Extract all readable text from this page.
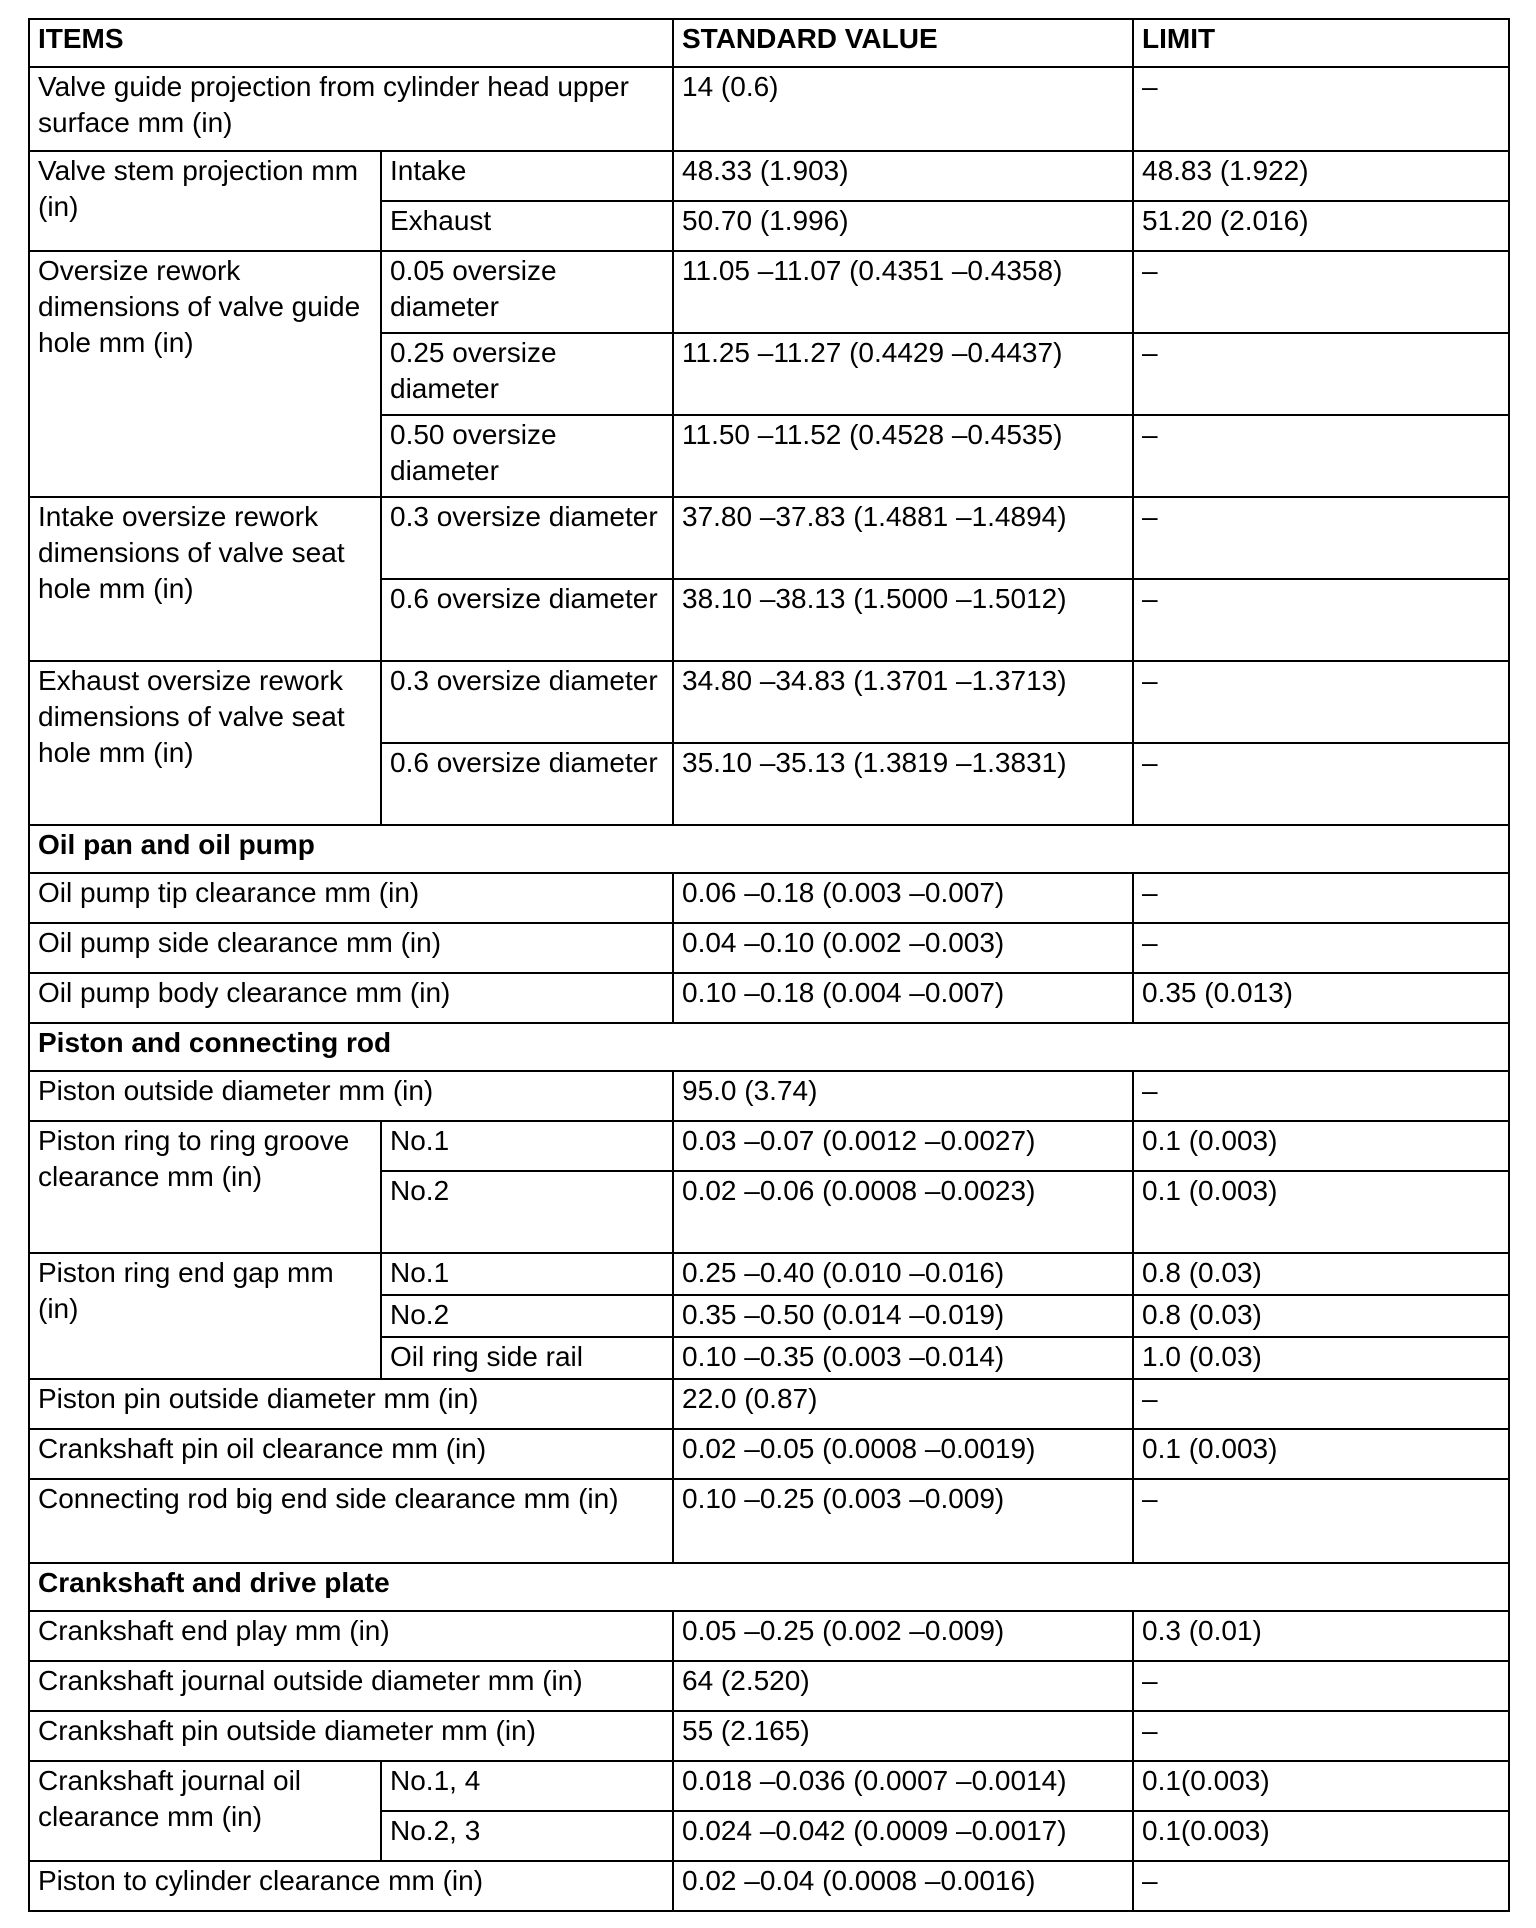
ITEMS		STANDARD VALUE	LIMIT
Valve guide projection from cylinder head upper surface mm (in)		14 (0.6)	–
Valve stem projection mm (in)	Intake	48.33 (1.903)	48.83 (1.922)
	Exhaust	50.70 (1.996)	51.20 (2.016)
Oversize rework dimensions of valve guide hole mm (in)	0.05 oversize diameter	11.05 –11.07 (0.4351 –0.4358)	–
	0.25 oversize diameter	11.25 –11.27 (0.4429 –0.4437)	–
	0.50 oversize diameter	11.50 –11.52 (0.4528 –0.4535)	–
Intake oversize rework dimensions of valve seat hole mm (in)	0.3 oversize diameter	37.80 –37.83 (1.4881 –1.4894)	–
	0.6 oversize diameter	38.10 –38.13 (1.5000 –1.5012)	–
Exhaust oversize rework dimensions of valve seat hole mm (in)	0.3 oversize diameter	34.80 –34.83 (1.3701 –1.3713)	–
	0.6 oversize diameter	35.10 –35.13 (1.3819 –1.3831)	–
Oil pan and oil pump			
Oil pump tip clearance mm (in)		0.06 –0.18 (0.003 –0.007)	–
Oil pump side clearance mm (in)		0.04 –0.10 (0.002 –0.003)	–
Oil pump body clearance mm (in)		0.10 –0.18 (0.004 –0.007)	0.35 (0.013)
Piston and connecting rod			
Piston outside diameter mm (in)		95.0 (3.74)	–
Piston ring to ring groove clearance mm (in)	No.1	0.03 –0.07 (0.0012 –0.0027)	0.1 (0.003)
	No.2	0.02 –0.06 (0.0008 –0.0023)	0.1 (0.003)
Piston ring end gap mm (in)	No.1	0.25 –0.40 (0.010 –0.016)	0.8 (0.03)
	No.2	0.35 –0.50 (0.014 –0.019)	0.8 (0.03)
	Oil ring side rail	0.10 –0.35 (0.003 –0.014)	1.0 (0.03)
Piston pin outside diameter mm (in)		22.0 (0.87)	–
Crankshaft pin oil clearance mm (in)		0.02 –0.05 (0.0008 –0.0019)	0.1 (0.003)
Connecting rod big end side clearance mm (in)		0.10 –0.25 (0.003 –0.009)	–
Crankshaft and drive plate			
Crankshaft end play mm (in)		0.05 –0.25 (0.002 –0.009)	0.3 (0.01)
Crankshaft journal outside diameter mm (in)		64 (2.520)	–
Crankshaft pin outside diameter mm (in)		55 (2.165)	–
Crankshaft journal oil clearance mm (in)	No.1, 4	0.018 –0.036 (0.0007 –0.0014)	0.1(0.003)
	No.2, 3	0.024 –0.042 (0.0009 –0.0017)	0.1(0.003)
Piston to cylinder clearance mm (in)		0.02 –0.04 (0.0008 –0.0016)	–
